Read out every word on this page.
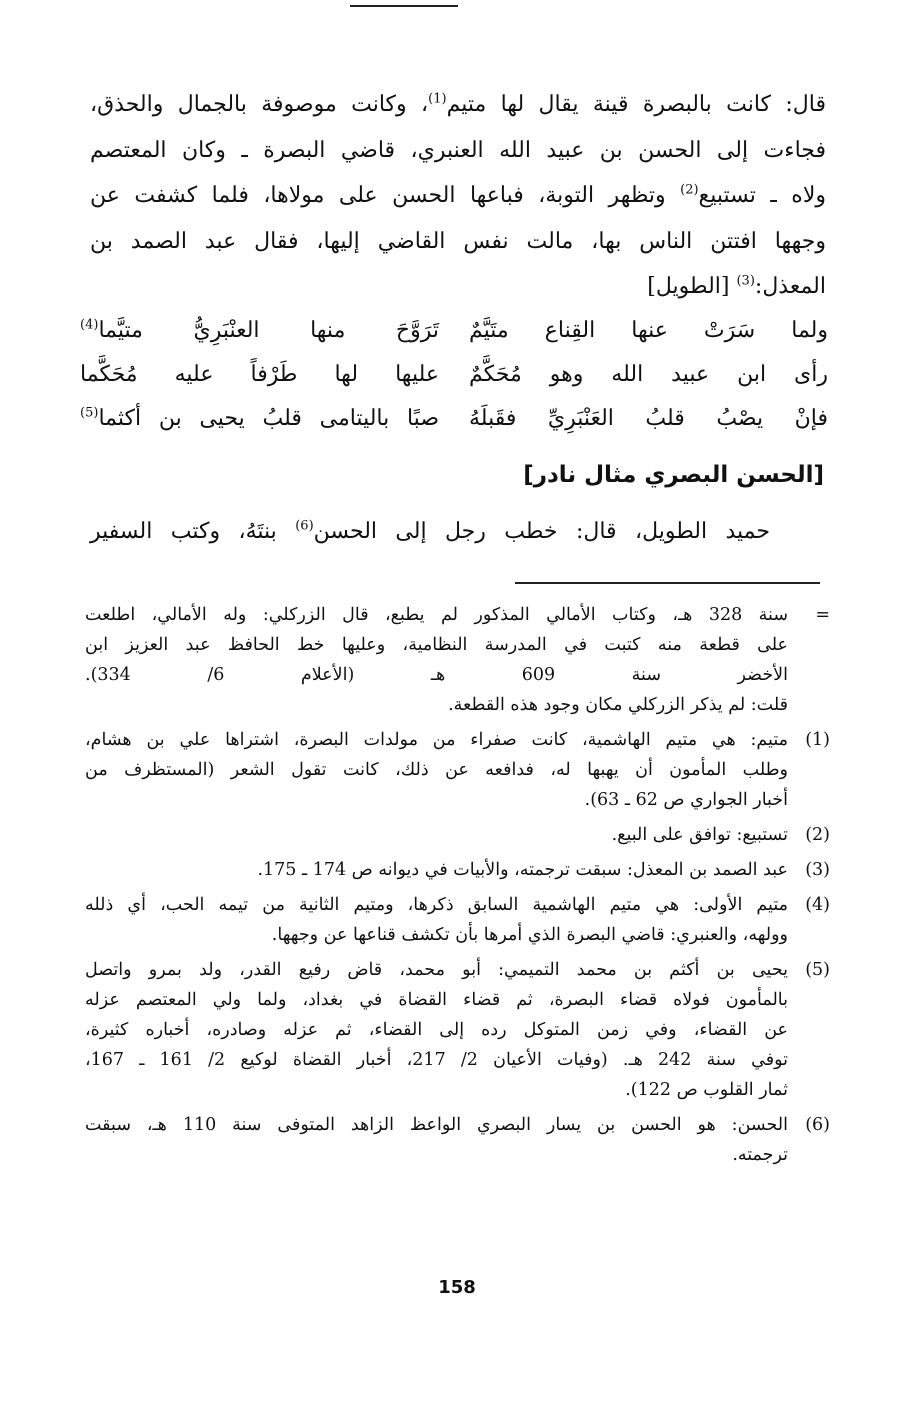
قال: كانت بالبصرة قينة يقال لها متيم$^{(1)}$، وكانت موصوفة بالجمال والحذق،
فجاءت إلى الحسن بن عبيد الله العنبري، قاضي البصرة ـ وكان المعتصم
ولاه ـ تستبيع$^{(2)}$ وتظهر التوبة، فباعها الحسن على مولاها، فلما كشفت عن
وجهها افتتن الناس بها، مالت نفس القاضي إليها، فقال عبد الصمد بن
المعذل:$^{(3)}$ [الطويل]
ولما سَرَتْ عنها القِناع متَيَّمٌ
تَرَوَّحَ منها العنْبَرِيُّ متيَّما$^{(4)}$
رأى ابن عبيد الله وهو مُحَكَّمٌ
عليها لها طَرْفاً عليه مُحَكَّما
فإنْ يصْبُ قلبُ العَنْبَرِيِّ فقَبلَهُ
صبًا باليتامى قلبُ يحيى بن أكثما$^{(5)}$
[الحسن البصري مثال نادر]
حميد الطويل، قال: خطب رجل إلى الحسن$^{(6)}$ بنتَهُ، وكتب السفير
=
سنة 328 هـ، وكتاب الأمالي المذكور لم يطبع، قال الزركلي: وله الأمالي، اطلعت
على قطعة منه كتبت في المدرسة النظامية، وعليها خط الحافظ عبد العزيز ابن
الأخضر سنة 609 هـ (الأعلام 6/ 334).
قلت: لم يذكر الزركلي مكان وجود هذه القطعة.
(1)
متيم: هي متيم الهاشمية، كانت صفراء من مولدات البصرة، اشتراها علي بن هشام،
وطلب المأمون أن يهبها له، فدافعه عن ذلك، كانت تقول الشعر (المستظرف من
أخبار الجواري ص 62 ـ 63).
(2)
تستبيع: توافق على البيع.
(3)
عبد الصمد بن المعذل: سبقت ترجمته، والأبيات في ديوانه ص 174 ـ 175.
(4)
متيم الأولى: هي متيم الهاشمية السابق ذكرها، ومتيم الثانية من تيمه الحب، أي ذلله
وولهه، والعنبري: قاضي البصرة الذي أمرها بأن تكشف قناعها عن وجهها.
(5)
يحيى بن أكثم بن محمد التميمي: أبو محمد، قاض رفيع القدر، ولد بمرو واتصل
بالمأمون فولاه قضاء البصرة، ثم قضاء القضاة في بغداد، ولما ولي المعتصم عزله
عن القضاء، وفي زمن المتوكل رده إلى القضاء، ثم عزله وصادره، أخباره كثيرة،
توفي سنة 242 هـ. (وفيات الأعيان 2/ 217، أخبار القضاة لوكيع 2/ 161 ـ 167،
ثمار القلوب ص 122).
(6)
الحسن: هو الحسن بن يسار البصري الواعظ الزاهد المتوفى سنة 110 هـ، سبقت
ترجمته.
158
